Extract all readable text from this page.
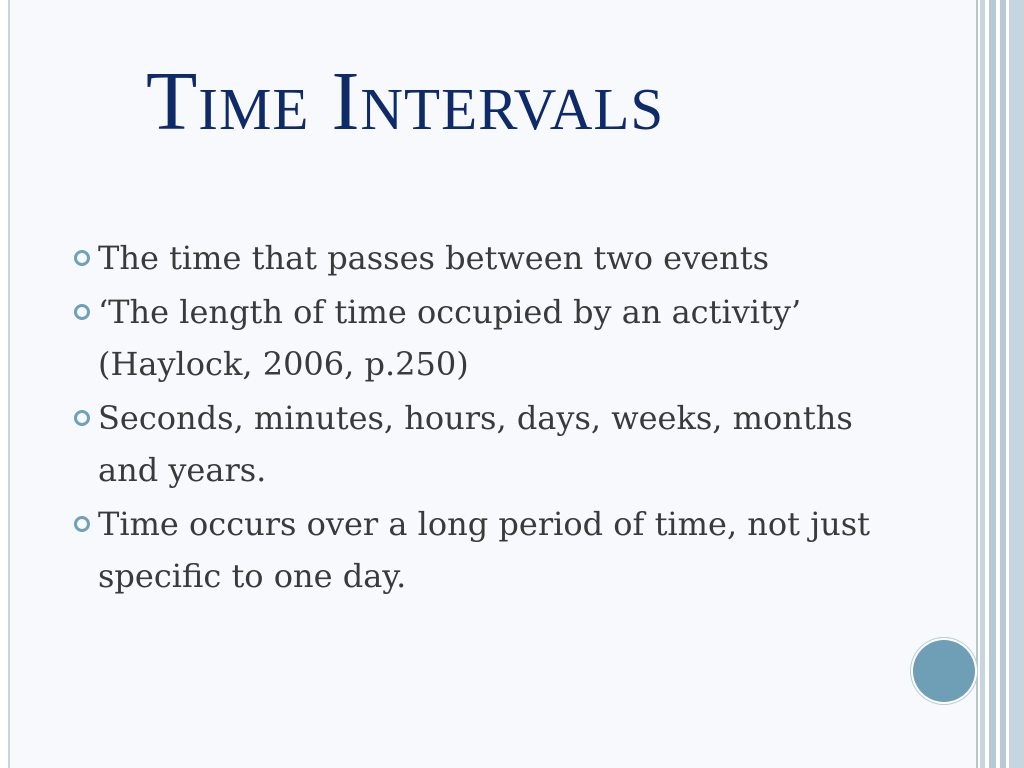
Time Intervals
The time that passes between two events
‘The length of time occupied by an activity’ (Haylock, 2006, p.250)
Seconds, minutes, hours, days, weeks, months and years.
Time occurs over a long period of time, not just specific to one day.
